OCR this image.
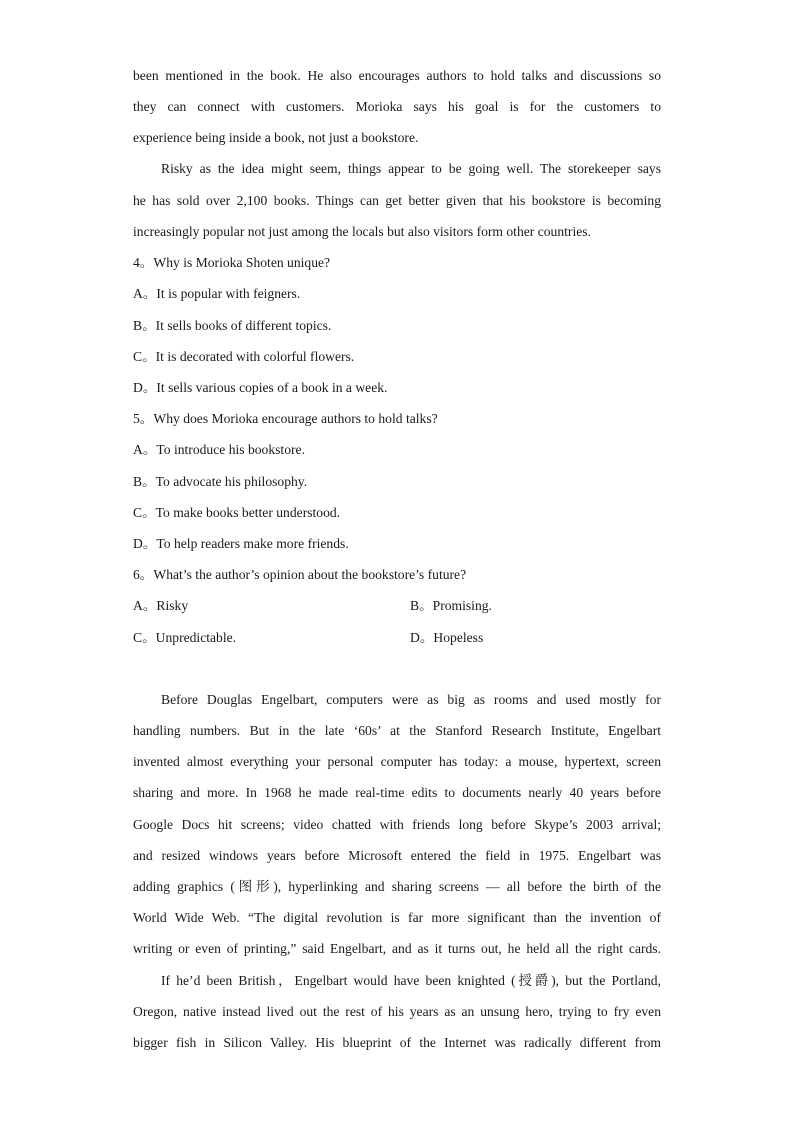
been mentioned in the book. He also encourages authors to hold talks and discussions so
they can connect with customers. Morioka says his goal is for the customers to
experience being inside a book, not just a bookstore.
Risky as the idea might seem, things appear to be going well. The storekeeper says
he has sold over 2,100 books. Things can get better given that his bookstore is becoming
increasingly popular not just among the locals but also visitors form other countries.
4。Why is Morioka Shoten unique?
A。It is popular with feigners.
B。It sells books of different topics.
C。It is decorated with colorful flowers.
D。It sells various copies of a book in a week.
5。Why does Morioka encourage authors to hold talks?
A。To introduce his bookstore.
B。To advocate his philosophy.
C。To make books better understood.
D。To help readers make more friends.
6。What’s the author’s opinion about the bookstore’s future?
A。Risky	B。Promising.
C。Unpredictable.	D。Hopeless
Before Douglas Engelbart, computers were as big as rooms and used mostly for
handling numbers. But in the late ‘60s’ at the Stanford Research Institute, Engelbart
invented almost everything your personal computer has today: a mouse, hypertext, screen
sharing and more. In 1968 he made real-time edits to documents nearly 40 years before
Google Docs hit screens; video chatted with friends long before Skype’s 2003 arrival;
and resized windows years before Microsoft entered the field in 1975. Engelbart was
adding graphics (图形), hyperlinking and sharing screens — all before the birth of the
World Wide Web. “The digital revolution is far more significant than the invention of
writing or even of printing,” said Engelbart, and as it turns out, he held all the right cards.
If he’d been British，Engelbart would have been knighted (授爵), but the Portland,
Oregon, native instead lived out the rest of his years as an unsung hero, trying to fry even
bigger fish in Silicon Valley. His blueprint of the Internet was radically different from
